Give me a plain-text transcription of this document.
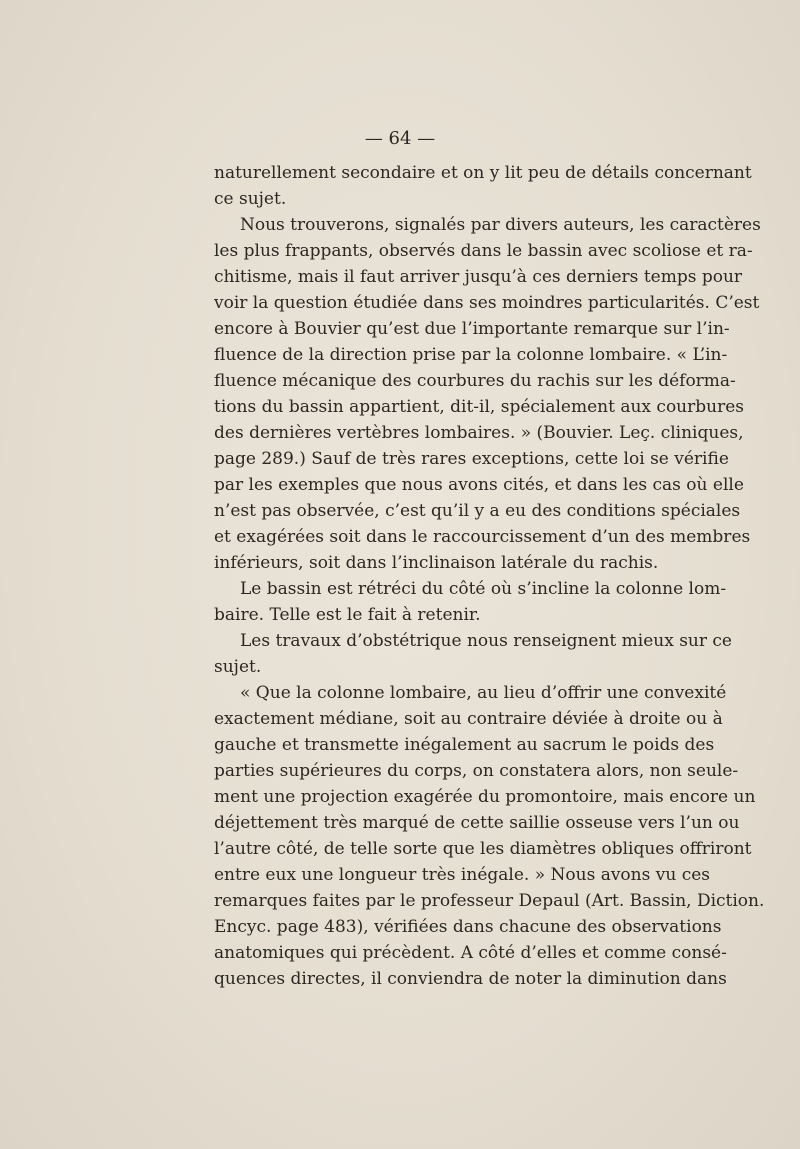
— 64 —
naturellement secondaire et on y lit peu de détails concernant
ce sujet.
Nous trouverons, signalés par divers auteurs, les caractères
les plus frappants, observés dans le bassin avec scoliose et ra-
chitisme, mais il faut arriver jusqu’à ces derniers temps pour
voir la question étudiée dans ses moindres particularités. C’est
encore à Bouvier qu’est due l’importante remarque sur l’in-
fluence de la direction prise par la colonne lombaire. « L’in-
fluence mécanique des courbures du rachis sur les déforma-
tions du bassin appartient, dit-il, spécialement aux courbures
des dernières vertèbres lombaires. » (Bouvier. Leç. cliniques,
page 289.) Sauf de très rares exceptions, cette loi se vérifie
par les exemples que nous avons cités, et dans les cas où elle
n’est pas observée, c’est qu’il y a eu des conditions spéciales
et exagérées soit dans le raccourcissement d’un des membres
inférieurs, soit dans l’inclinaison latérale du rachis.
Le bassin est rétréci du côté où s’incline la colonne lom-
baire. Telle est le fait à retenir.
Les travaux d’obstétrique nous renseignent mieux sur ce
sujet.
« Que la colonne lombaire, au lieu d’offrir une convexité
exactement médiane, soit au contraire déviée à droite ou à
gauche et transmette inégalement au sacrum le poids des
parties supérieures du corps, on constatera alors, non seule-
ment une projection exagérée du promontoire, mais encore un
déjettement très marqué de cette saillie osseuse vers l’un ou
l’autre côté, de telle sorte que les diamètres obliques offriront
entre eux une longueur très inégale. » Nous avons vu ces
remarques faites par le professeur Depaul (Art. Bassin, Diction.
Encyc. page 483), vérifiées dans chacune des observations
anatomiques qui précèdent. A côté d’elles et comme consé-
quences directes, il conviendra de noter la diminution dans
